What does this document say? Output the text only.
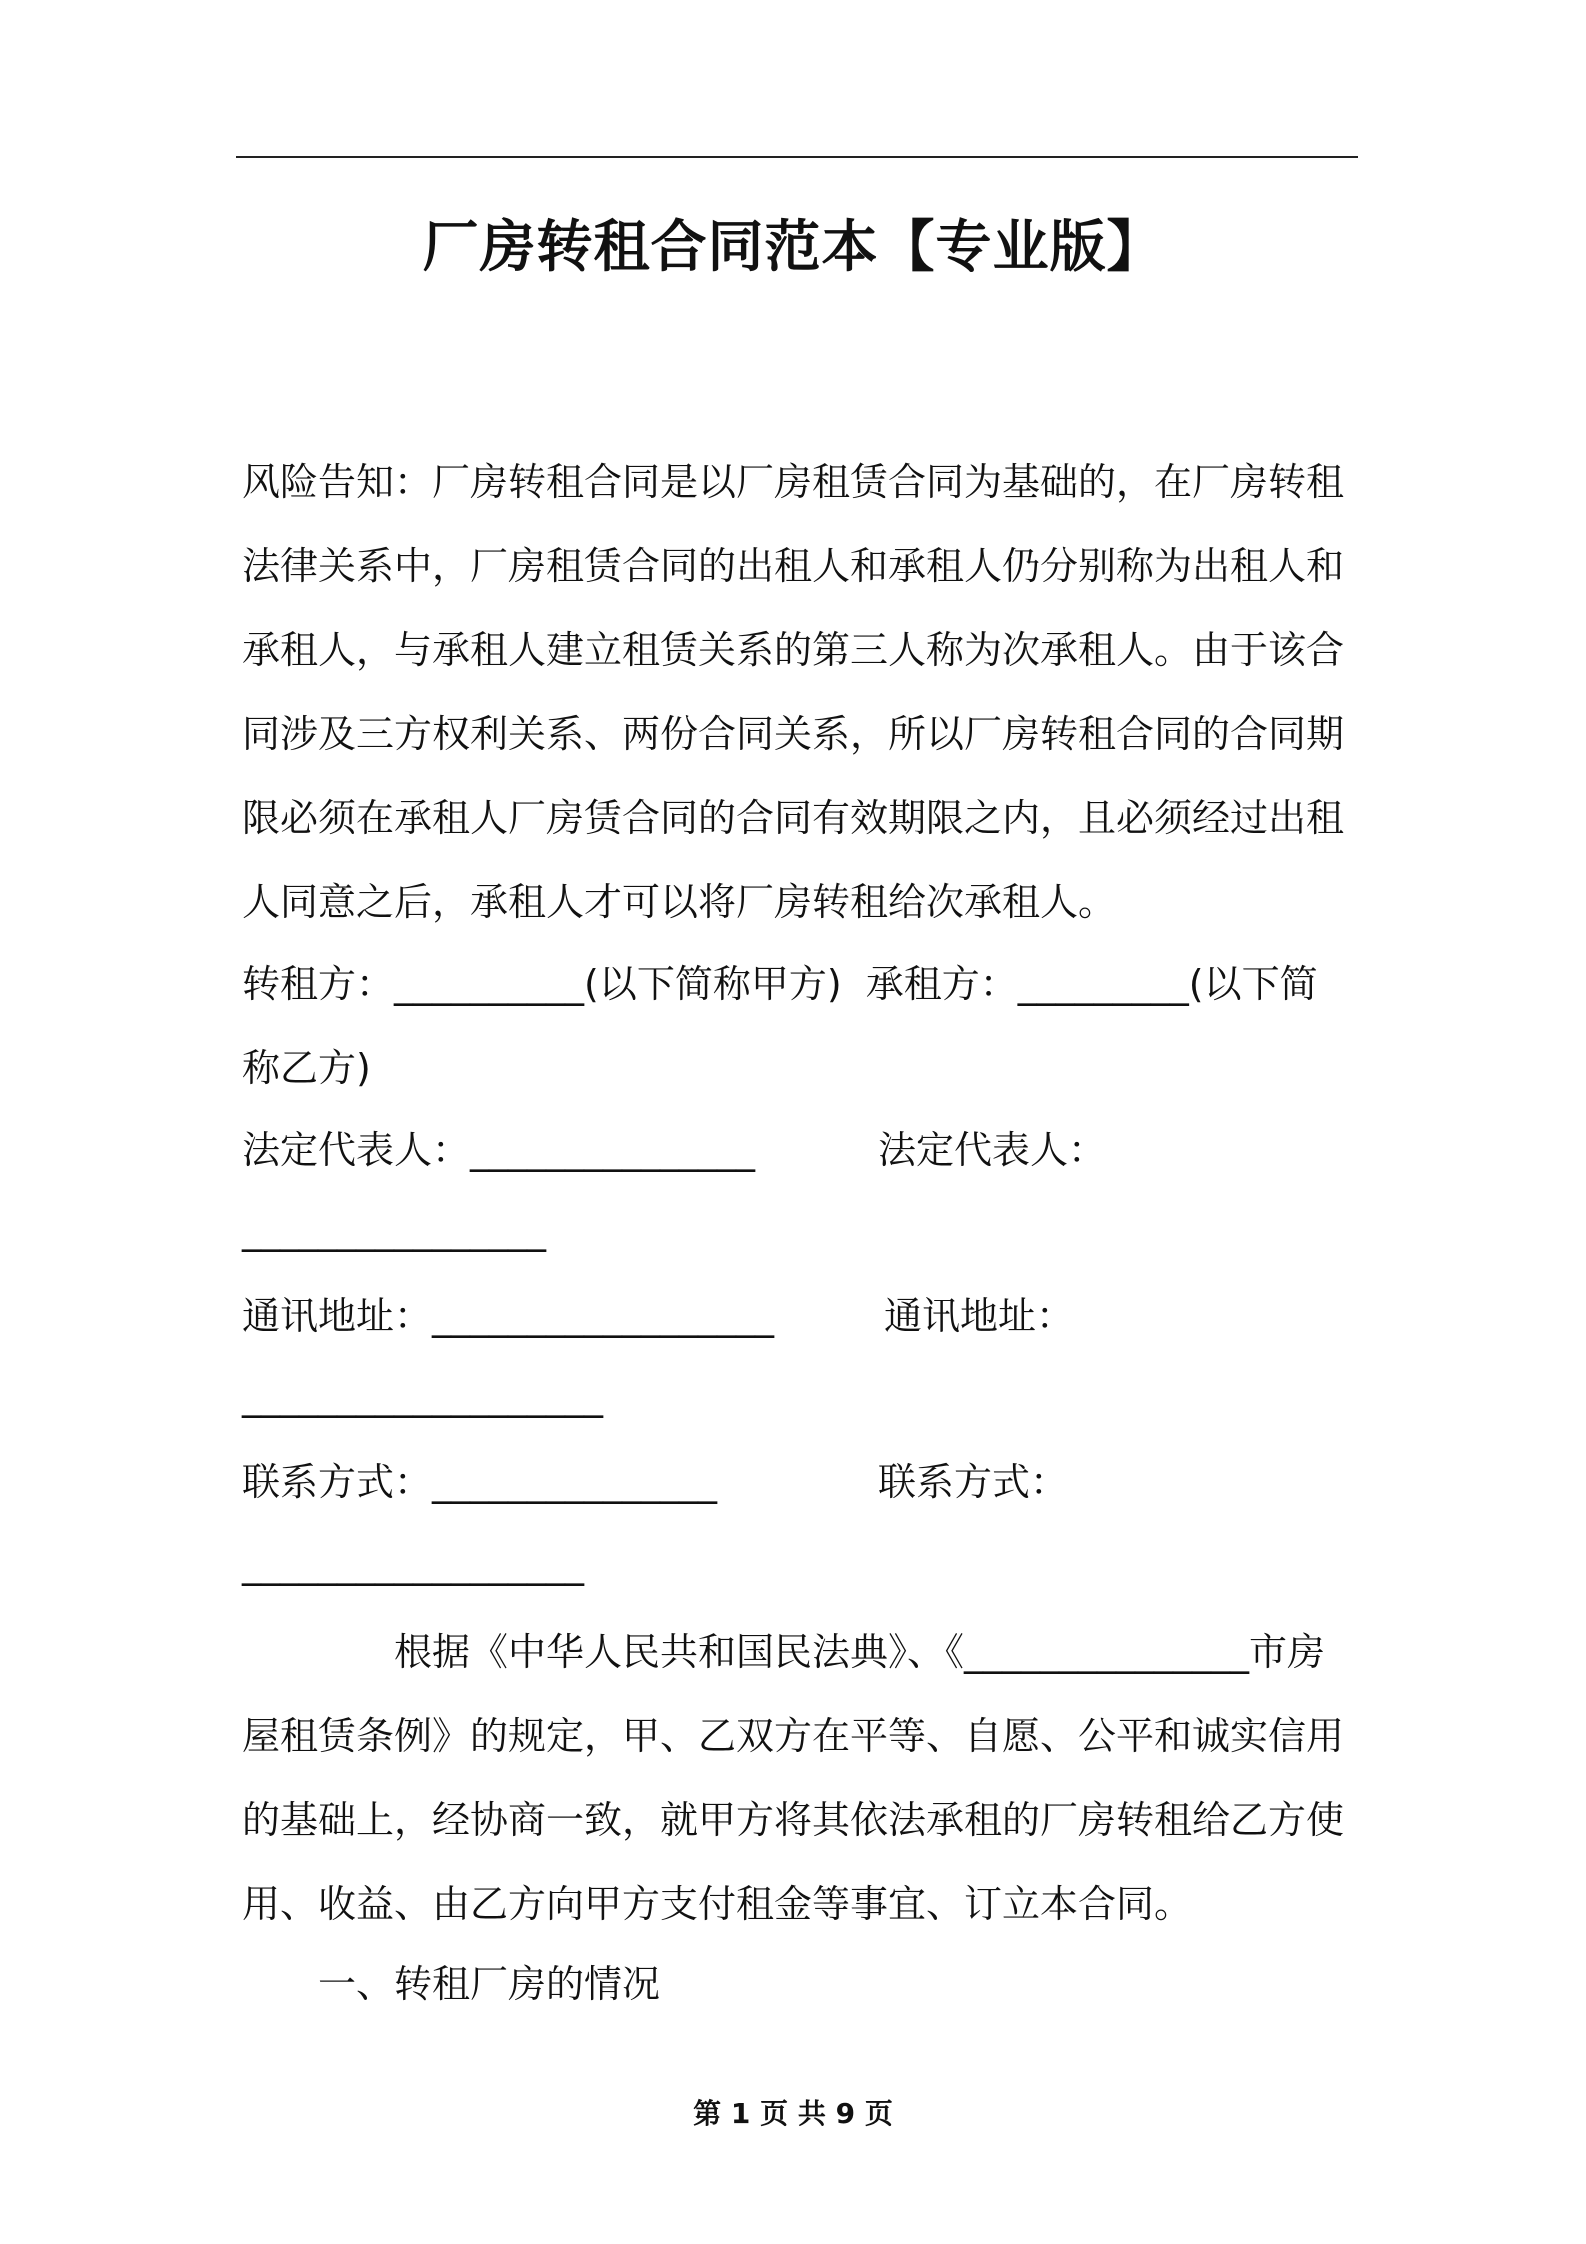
厂房转租合同范本【专业版】

风险告知：厂房转租合同是以厂房租赁合同为基础的，在厂房转租法律关系中，厂房租赁合同的出租人和承租人仍分别称为出租人和承租人，与承租人建立租赁关系的第三人称为次承租人。由于该合同涉及三方权利关系、两份合同关系，所以厂房转租合同的合同期限必须在承租人厂房赁合同的合同有效期限之内，且必须经过出租人同意之后，承租人才可以将厂房转租给次承租人。

转租方：__________(以下简称甲方)  承租方：_________(以下简
称乙方)
法定代表人：_______________	法定代表人：
________________
通讯地址：__________________	通讯地址：
___________________
联系方式：_______________	联系方式：
__________________

根据《中华人民共和国民法典》、《_______________市房屋租赁条例》的规定，甲、乙双方在平等、自愿、公平和诚实信用的基础上，经协商一致，就甲方将其依法承租的厂房转租给乙方使用、收益、由乙方向甲方支付租金等事宜、订立本合同。

一、转租厂房的情况
第 1 页 共 9 页
